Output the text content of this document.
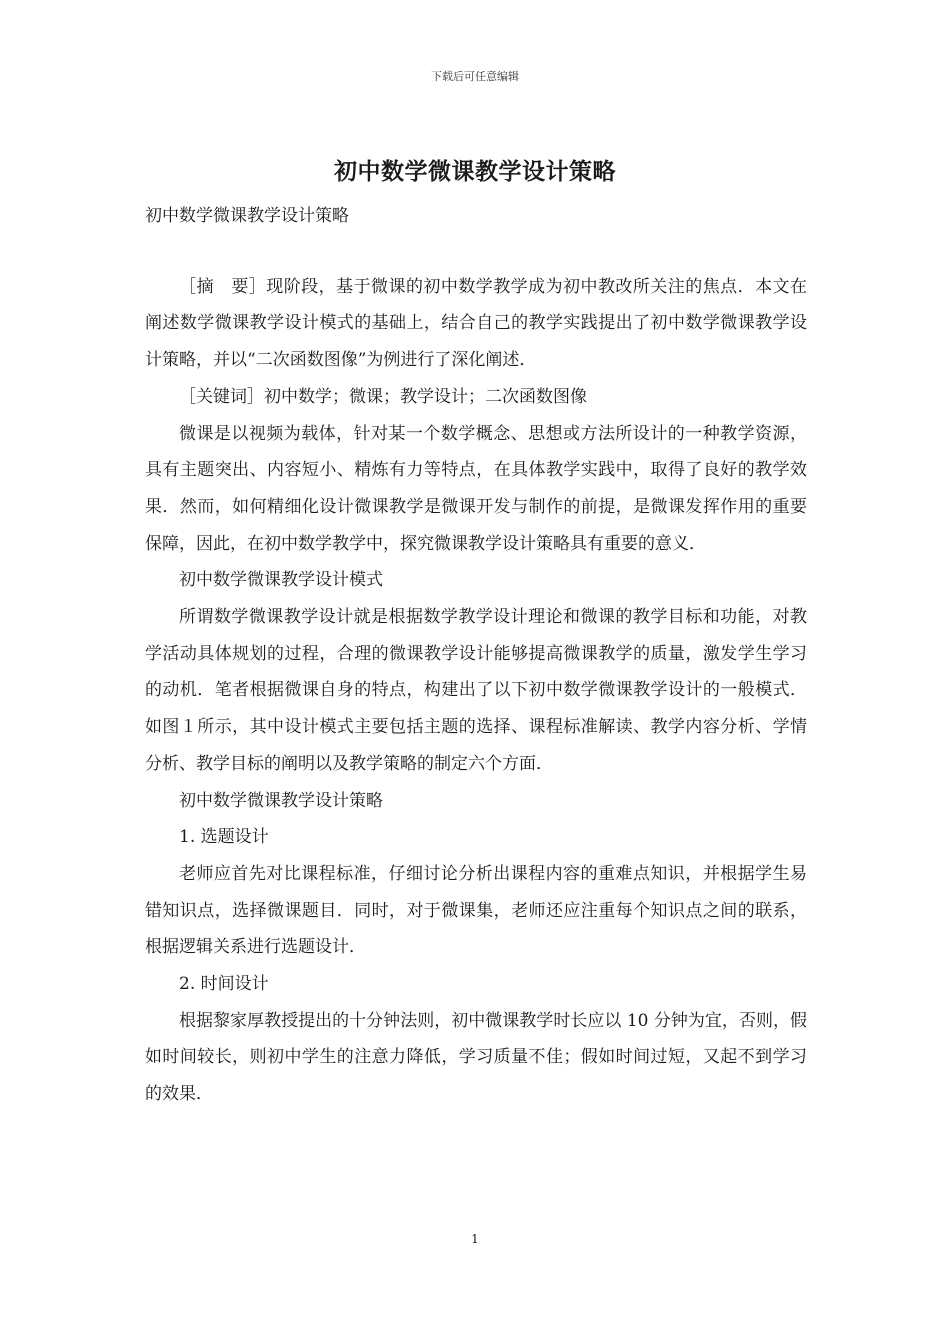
下载后可任意编辑
初中数学微课教学设计策略

初中数学微课教学设计策略

［摘　要］现阶段，基于微课的初中数学教学成为初中教改所关注的焦点．本文在阐述数学微课教学设计模式的基础上，结合自己的教学实践提出了初中数学微课教学设计策略，并以“二次函数图像”为例进行了深化阐述．

［关键词］初中数学；微课；教学设计；二次函数图像

微课是以视频为载体，针对某一个数学概念、思想或方法所设计的一种教学资源，具有主题突出、内容短小、精炼有力等特点，在具体教学实践中，取得了良好的教学效果．然而，如何精细化设计微课教学是微课开发与制作的前提，是微课发挥作用的重要保障，因此，在初中数学教学中，探究微课教学设计策略具有重要的意义．

初中数学微课教学设计模式

所谓数学微课教学设计就是根据数学教学设计理论和微课的教学目标和功能，对教学活动具体规划的过程，合理的微课教学设计能够提高微课教学的质量，激发学生学习的动机．笔者根据微课自身的特点，构建出了以下初中数学微课教学设计的一般模式．如图１所示，其中设计模式主要包括主题的选择、课程标准解读、教学内容分析、学情分析、教学目标的阐明以及教学策略的制定六个方面．

初中数学微课教学设计策略

1. 选题设计

老师应首先对比课程标准，仔细讨论分析出课程内容的重难点知识，并根据学生易错知识点，选择微课题目．同时，对于微课集，老师还应注重每个知识点之间的联系，根据逻辑关系进行选题设计．

2. 时间设计

根据黎家厚教授提出的十分钟法则，初中微课教学时长应以 10 分钟为宜，否则，假如时间较长，则初中学生的注意力降低，学习质量不佳；假如时间过短，又起不到学习的效果．

1
